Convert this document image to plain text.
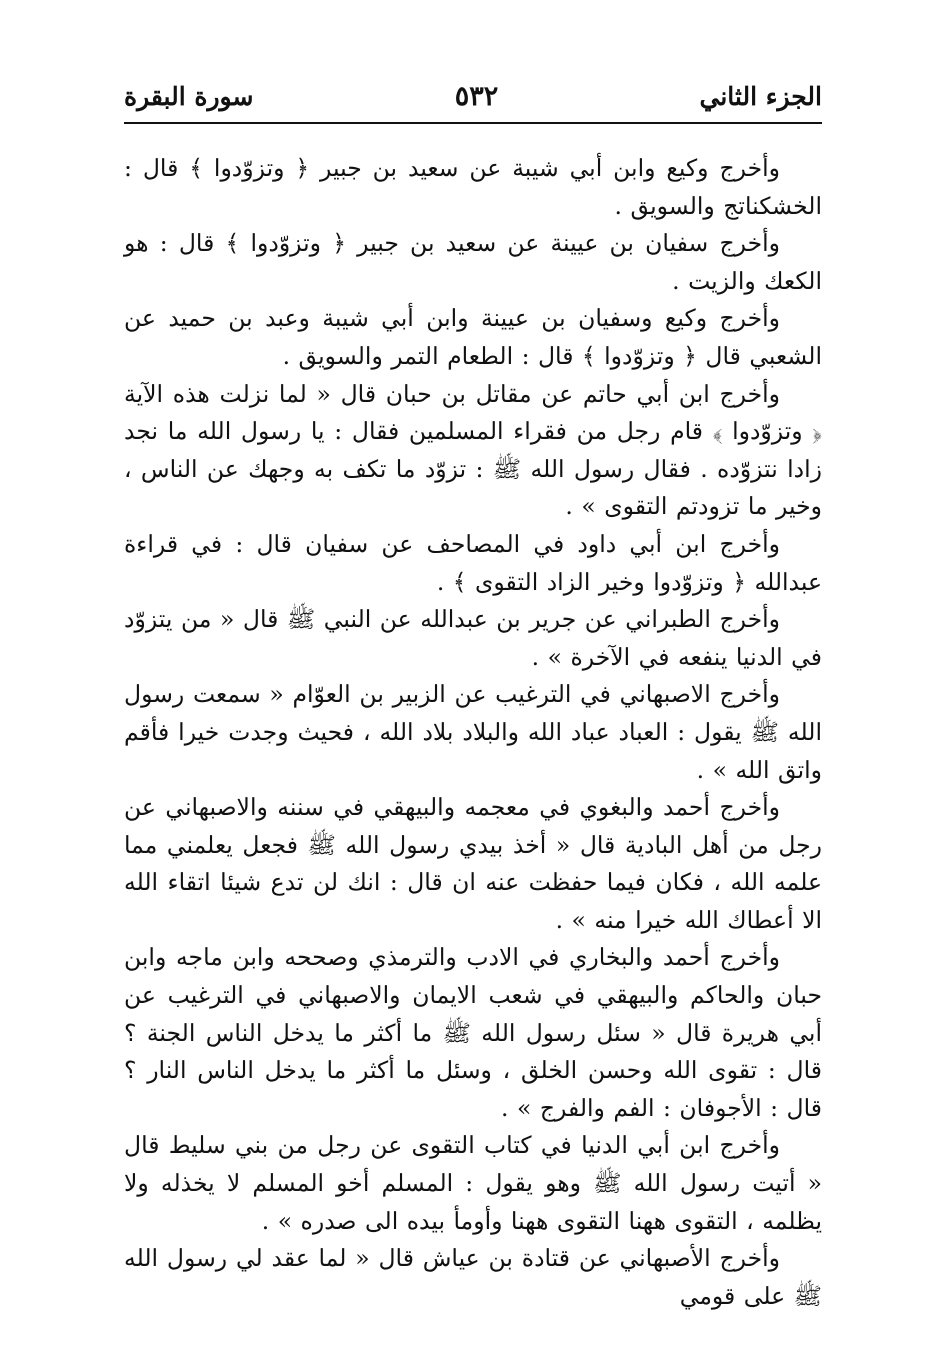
الجزء الثاني
٥٣٢
سورة البقرة

وأخرج وكيع وابن أبي شيبة عن سعيد بن جبير ﴿ وتزوّدوا ﴾ قال : الخشكناتج والسويق .

وأخرج سفيان بن عيينة عن سعيد بن جبير ﴿ وتزوّدوا ﴾ قال : هو الكعك والزيت .

وأخرج وكيع وسفيان بن عيينة وابن أبي شيبة وعبد بن حميد عن الشعبي قال ﴿ وتزوّدوا ﴾ قال : الطعام التمر والسويق .

وأخرج ابن أبي حاتم عن مقاتل بن حبان قال « لما نزلت هذه الآية ﴿ وتزوّدوا ﴾ قام رجل من فقراء المسلمين فقال : يا رسول الله ما نجد زادا نتزوّده . فقال رسول الله ﷺ : تزوّد ما تكف به وجهك عن الناس ، وخير ما تزودتم التقوى » .

وأخرج ابن أبي داود في المصاحف عن سفيان قال : في قراءة عبدالله ﴿ وتزوّدوا وخير الزاد التقوى ﴾ .

وأخرج الطبراني عن جرير بن عبدالله عن النبي ﷺ قال « من يتزوّد في الدنيا ينفعه في الآخرة » .

وأخرج الاصبهاني في الترغيب عن الزبير بن العوّام « سمعت رسول الله ﷺ يقول : العباد عباد الله والبلاد بلاد الله ، فحيث وجدت خيرا فأقم واتق الله » .

وأخرج أحمد والبغوي في معجمه والبيهقي في سننه والاصبهاني عن رجل من أهل البادية قال « أخذ بيدي رسول الله ﷺ فجعل يعلمني مما علمه الله ، فكان فيما حفظت عنه ان قال : انك لن تدع شيئا اتقاء الله الا أعطاك الله خيرا منه » .

وأخرج أحمد والبخاري في الادب والترمذي وصححه وابن ماجه وابن حبان والحاكم والبيهقي في شعب الايمان والاصبهاني في الترغيب عن أبي هريرة قال « سئل رسول الله ﷺ ما أكثر ما يدخل الناس الجنة ؟ قال : تقوى الله وحسن الخلق ، وسئل ما أكثر ما يدخل الناس النار ؟ قال : الأجوفان : الفم والفرج » .

وأخرج ابن أبي الدنيا في كتاب التقوى عن رجل من بني سليط قال « أتيت رسول الله ﷺ وهو يقول : المسلم أخو المسلم لا يخذله ولا يظلمه ، التقوى ههنا التقوى ههنا وأومأ بيده الى صدره » .

وأخرج الأصبهاني عن قتادة بن عياش قال « لما عقد لي رسول الله ﷺ على قومي
